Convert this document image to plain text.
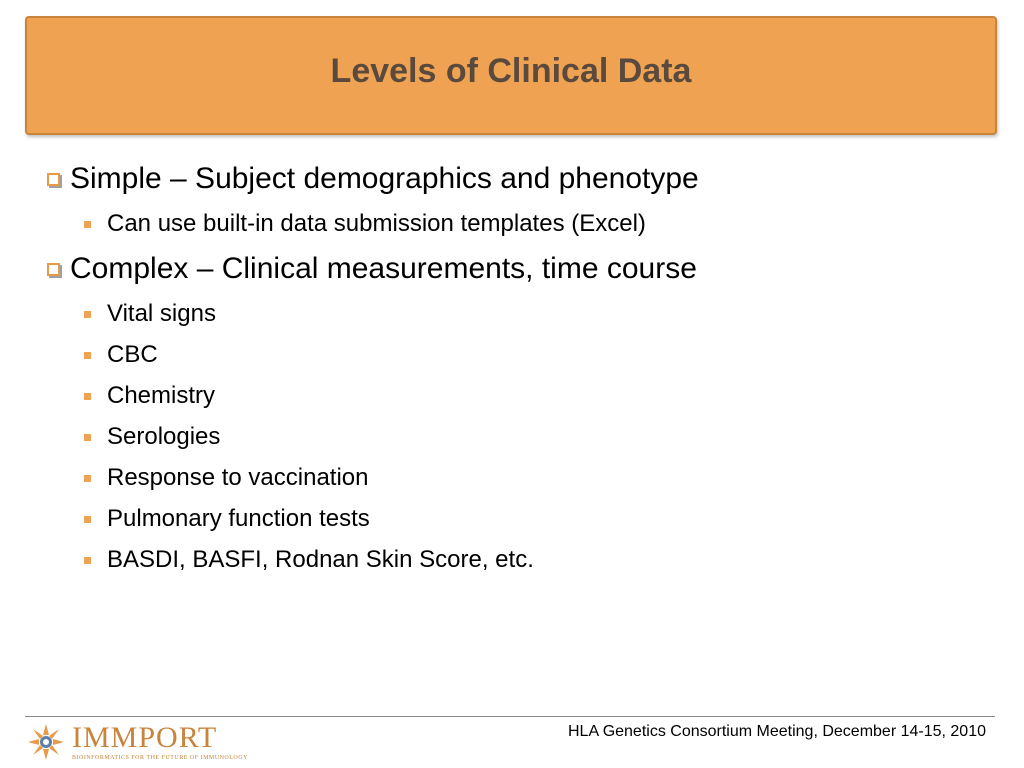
Levels of Clinical Data
Simple – Subject demographics and phenotype
Can use built-in data submission templates (Excel)
Complex – Clinical measurements, time course
Vital signs
CBC
Chemistry
Serologies
Response to vaccination
Pulmonary function tests
BASDI, BASFI, Rodnan Skin Score, etc.
IMMPORT
BIOINFORMATICS FOR THE FUTURE OF IMMUNOLOGY
HLA Genetics Consortium Meeting, December 14-15, 2010
